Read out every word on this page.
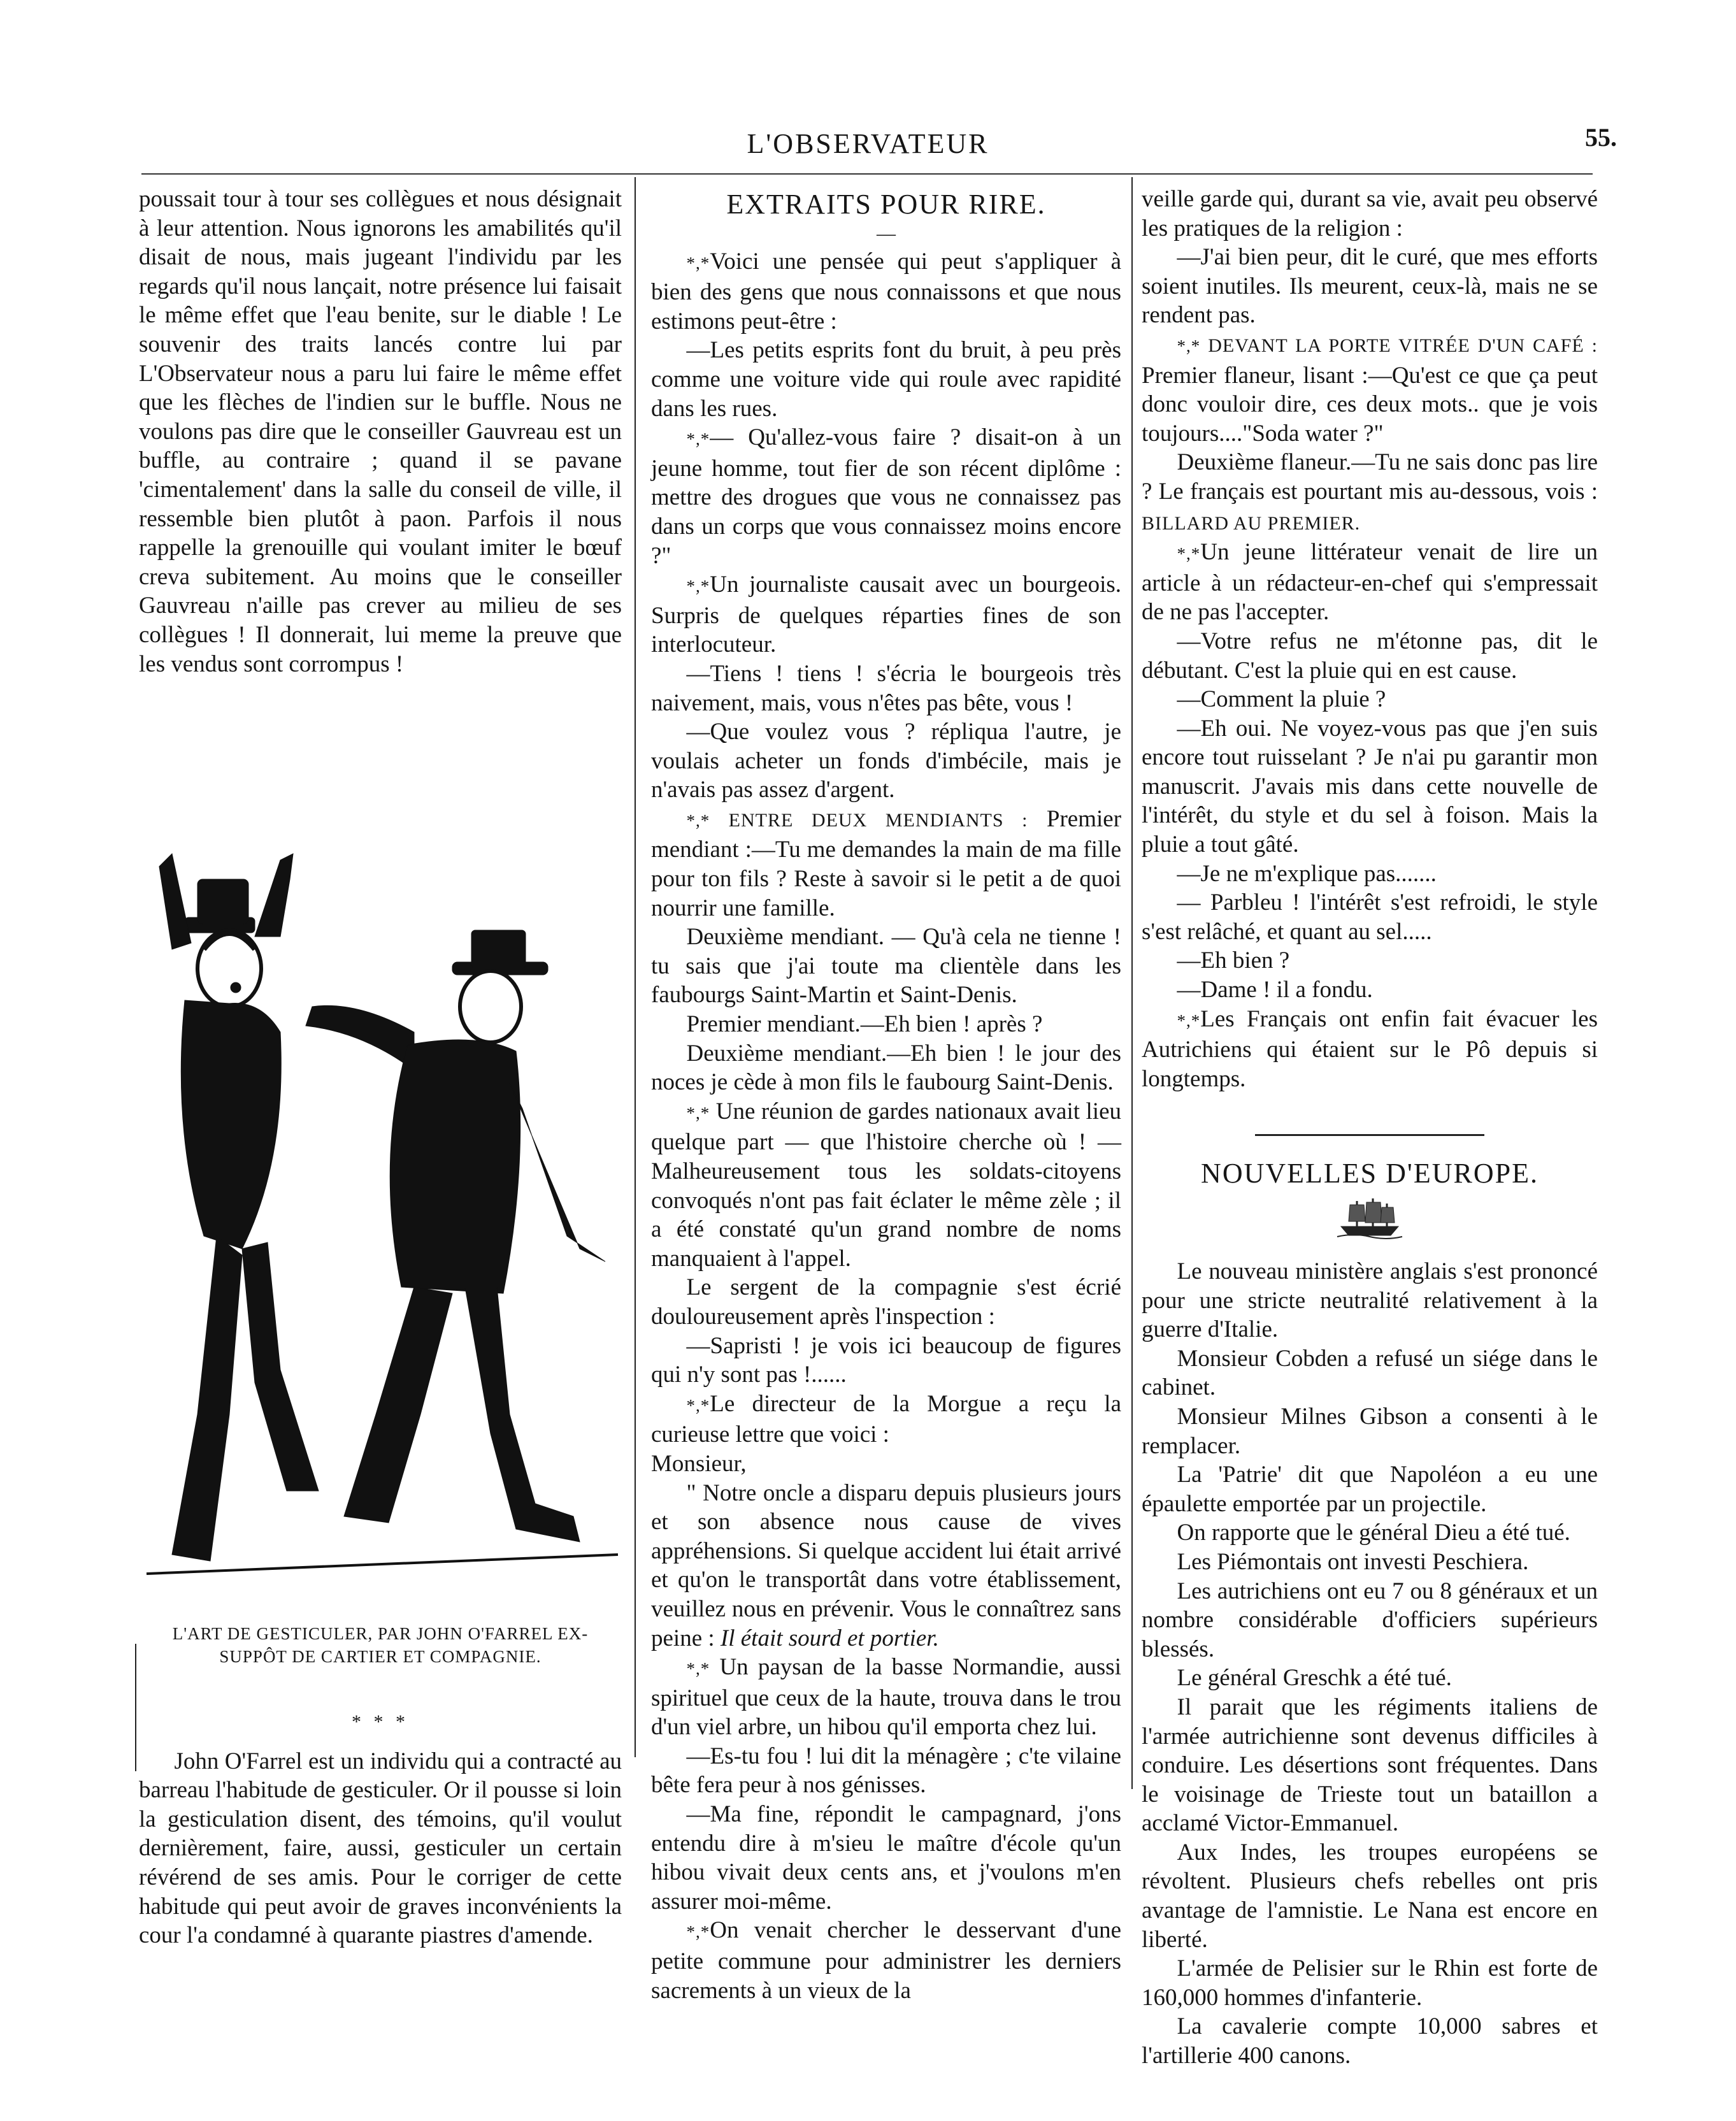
L'OBSERVATEUR	55.

poussait tour à tour ses collègues et nous désignait à leur attention. Nous ignorons les amabilités qu'il disait de nous, mais jugeant l'individu par les regards qu'il nous lançait, notre présence lui faisait le même effet que l'eau benite, sur le diable ! Le souvenir des traits lancés contre lui par L'Observateur nous a paru lui faire le même effet que les flèches de l'indien sur le buffle. Nous ne voulons pas dire que le conseiller Gauvreau est un buffle, au contraire ; quand il se pavane 'cimentalement' dans la salle du conseil de ville, il ressemble bien plutôt à paon. Parfois il nous rappelle la grenouille qui voulant imiter le bœuf creva subitement. Au moins que le conseiller Gauvreau n'aille pas crever au milieu de ses collègues ! Il donnerait, lui meme la preuve que les vendus sont corrompus !

L'ART DE GESTICULER, PAR JOHN O'FARREL EX-SUPPÔT DE CARTIER ET COMPAGNIE.

* * *

John O'Farrel est un individu qui a contracté au barreau l'habitude de gesticuler. Or il pousse si loin la gesticulation disent, des témoins, qu'il voulut dernièrement, faire, aussi, gesticuler un certain révérend de ses amis. Pour le corriger de cette habitude qui peut avoir de graves inconvénients la cour l'a condamné à quarante piastres d'amende.

EXTRAITS POUR RIRE.
—

*,*Voici une pensée qui peut s'appliquer à bien des gens que nous connaissons et que nous estimons peut-être :

—Les petits esprits font du bruit, à peu près comme une voiture vide qui roule avec rapidité dans les rues.

*,*— Qu'allez-vous faire ? disait-on à un jeune homme, tout fier de son récent diplôme : mettre des drogues que vous ne connaissez pas dans un corps que vous connaissez moins encore ?"

*,*Un journaliste causait avec un bourgeois. Surpris de quelques réparties fines de son interlocuteur.

—Tiens ! tiens ! s'écria le bourgeois très naivement, mais, vous n'êtes pas bête, vous !

—Que voulez vous ? répliqua l'autre, je voulais acheter un fonds d'imbécile, mais je n'avais pas assez d'argent.

*,* ENTRE DEUX MENDIANTS : Premier mendiant :—Tu me demandes la main de ma fille pour ton fils ? Reste à savoir si le petit a de quoi nourrir une famille.

Deuxième mendiant. — Qu'à cela ne tienne ! tu sais que j'ai toute ma clientèle dans les faubourgs Saint-Martin et Saint-Denis.

Premier mendiant.—Eh bien ! après ?

Deuxième mendiant.—Eh bien ! le jour des noces je cède à mon fils le faubourg Saint-Denis.

*,* Une réunion de gardes nationaux avait lieu quelque part — que l'histoire cherche où ! — Malheureusement tous les soldats-citoyens convoqués n'ont pas fait éclater le même zèle ; il a été constaté qu'un grand nombre de noms manquaient à l'appel.

Le sergent de la compagnie s'est écrié douloureusement après l'inspection :

—Sapristi ! je vois ici beaucoup de figures qui n'y sont pas !......

*,*Le directeur de la Morgue a reçu la curieuse lettre que voici :

Monsieur,

" Notre oncle a disparu depuis plusieurs jours et son absence nous cause de vives appréhensions. Si quelque accident lui était arrivé et qu'on le transportât dans votre établissement, veuillez nous en prévenir. Vous le connaîtrez sans peine : Il était sourd et portier.

*,* Un paysan de la basse Normandie, aussi spirituel que ceux de la haute, trouva dans le trou d'un viel arbre, un hibou qu'il emporta chez lui.

—Es-tu fou ! lui dit la ménagère ; c'te vilaine bête fera peur à nos génisses.

—Ma fine, répondit le campagnard, j'ons entendu dire à m'sieu le maître d'école qu'un hibou vivait deux cents ans, et j'voulons m'en assurer moi-même.

*,*On venait chercher le desservant d'une petite commune pour administrer les derniers sacrements à un vieux de la

veille garde qui, durant sa vie, avait peu observé les pratiques de la religion :

—J'ai bien peur, dit le curé, que mes efforts soient inutiles. Ils meurent, ceux-là, mais ne se rendent pas.

*,* DEVANT LA PORTE VITRÉE D'UN CAFÉ : Premier flaneur, lisant :—Qu'est ce que ça peut donc vouloir dire, ces deux mots.. que je vois toujours...."Soda water ?"

Deuxième flaneur.—Tu ne sais donc pas lire ? Le français est pourtant mis au-dessous, vois : BILLARD AU PREMIER.

*,*Un jeune littérateur venait de lire un article à un rédacteur-en-chef qui s'empressait de ne pas l'accepter.

—Votre refus ne m'étonne pas, dit le débutant. C'est la pluie qui en est cause.

—Comment la pluie ?

—Eh oui. Ne voyez-vous pas que j'en suis encore tout ruisselant ? Je n'ai pu garantir mon manuscrit. J'avais mis dans cette nouvelle de l'intérêt, du style et du sel à foison. Mais la pluie a tout gâté.

—Je ne m'explique pas.......

— Parbleu ! l'intérêt s'est refroidi, le style s'est relâché, et quant au sel.....

—Eh bien ?

—Dame ! il a fondu.

*,*Les Français ont enfin fait évacuer les Autrichiens qui étaient sur le Pô depuis si longtemps.

NOUVELLES D'EUROPE.

Le nouveau ministère anglais s'est prononcé pour une stricte neutralité relativement à la guerre d'Italie.

Monsieur Cobden a refusé un siége dans le cabinet.

Monsieur Milnes Gibson a consenti à le remplacer.

La 'Patrie' dit que Napoléon a eu une épaulette emportée par un projectile.

On rapporte que le général Dieu a été tué.

Les Piémontais ont investi Peschiera.

Les autrichiens ont eu 7 ou 8 généraux et un nombre considérable d'officiers supérieurs blessés.

Le général Greschk a été tué.

Il parait que les régiments italiens de l'armée autrichienne sont devenus difficiles à conduire. Les désertions sont fréquentes. Dans le voisinage de Trieste tout un bataillon a acclamé Victor-Emmanuel.

Aux Indes, les troupes européens se révoltent. Plusieurs chefs rebelles ont pris avantage de l'amnistie. Le Nana est encore en liberté.

L'armée de Pelisier sur le Rhin est forte de 160,000 hommes d'infanterie.

La cavalerie compte 10,000 sabres et l'artillerie 400 canons.
